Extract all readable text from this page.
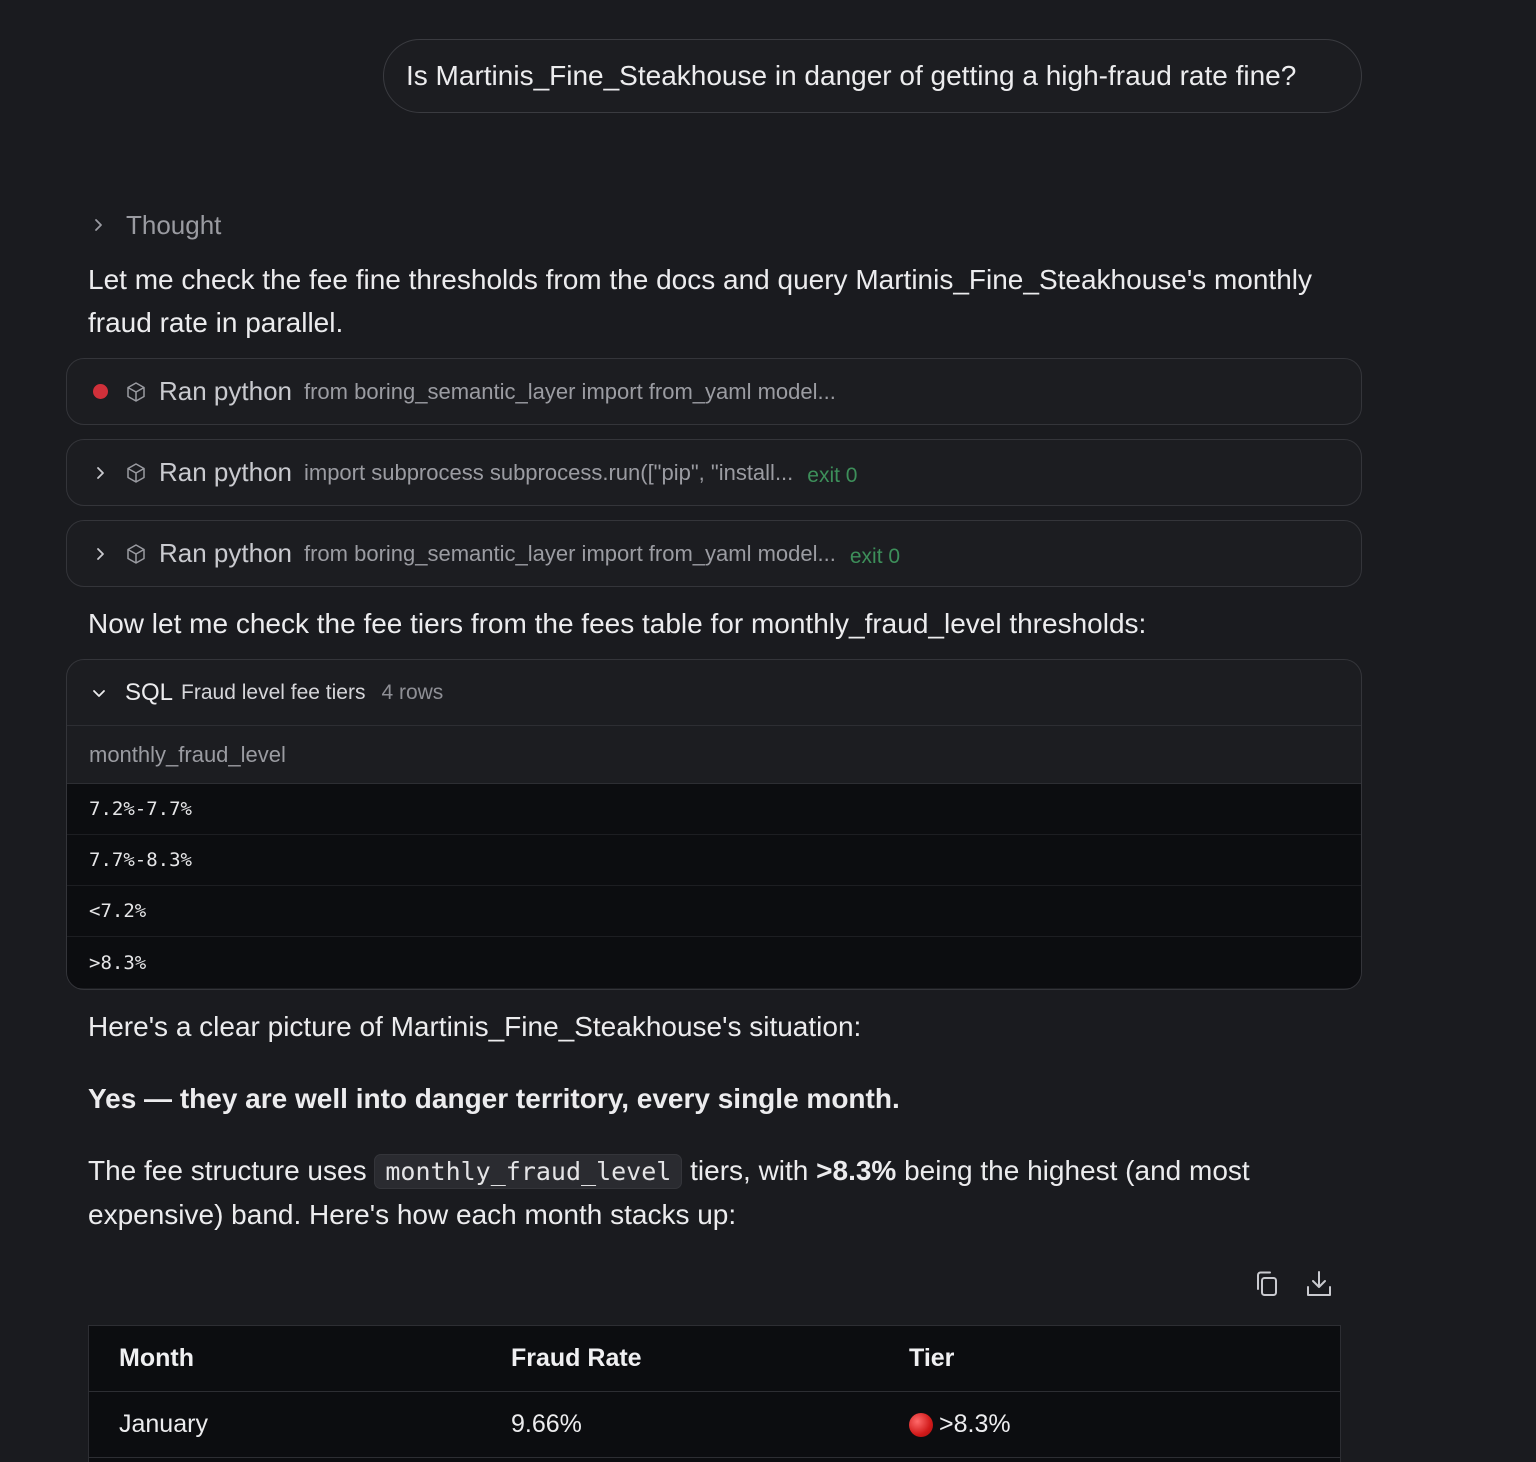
Is Martinis_Fine_Steakhouse in danger of getting a high-fraud rate fine?
Thought
Let me check the fee fine thresholds from the docs and query Martinis_Fine_Steakhouse's monthly fraud rate in parallel.
Ran python from boring_semantic_layer import from_yaml model...
Ran python import subprocess subprocess.run(["pip", "install... exit 0
Ran python from boring_semantic_layer import from_yaml model... exit 0
Now let me check the fee tiers from the fees table for monthly_fraud_level thresholds:
SQL Fraud level fee tiers 4 rows
monthly_fraud_level
7.2%-7.7%
7.7%-8.3%
<7.2%
>8.3%
Here's a clear picture of Martinis_Fine_Steakhouse's situation:
Yes — they are well into danger territory, every single month.
The fee structure uses monthly_fraud_level tiers, with >8.3% being the highest (and most expensive) band. Here's how each month stacks up:
Month	Fraud Rate	Tier
January	9.66%	>8.3%
